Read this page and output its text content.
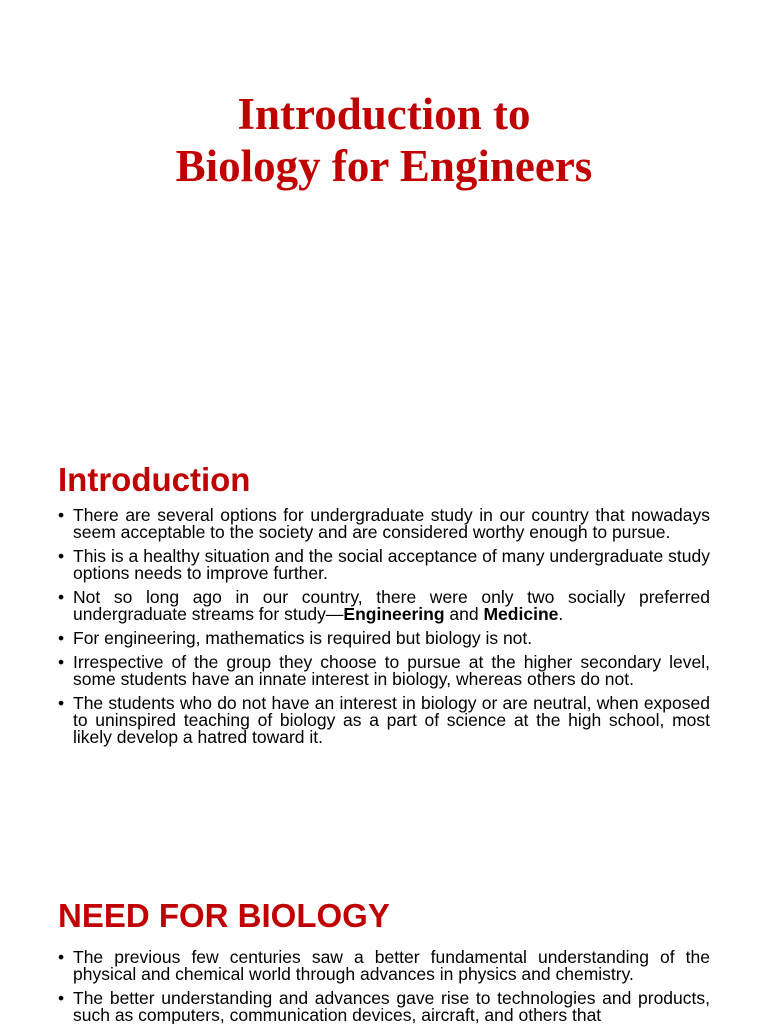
Introduction to
Biology for Engineers
Introduction
• There are several options for undergraduate study in our country that nowadays seem acceptable to the society and are considered worthy enough to pursue.
• This is a healthy situation and the social acceptance of many undergraduate study options needs to improve further.
• Not so long ago in our country, there were only two socially preferred undergraduate streams for study—Engineering and Medicine.
• For engineering, mathematics is required but biology is not.
• Irrespective of the group they choose to pursue at the higher secondary level, some students have an innate interest in biology, whereas others do not.
• The students who do not have an interest in biology or are neutral, when exposed to uninspired teaching of biology as a part of science at the high school, most likely develop a hatred toward it.
NEED FOR BIOLOGY
• The previous few centuries saw a better fundamental understanding of the physical and chemical world through advances in physics and chemistry.
• The better understanding and advances gave rise to technologies and products, such as computers, communication devices, aircraft, and others that
